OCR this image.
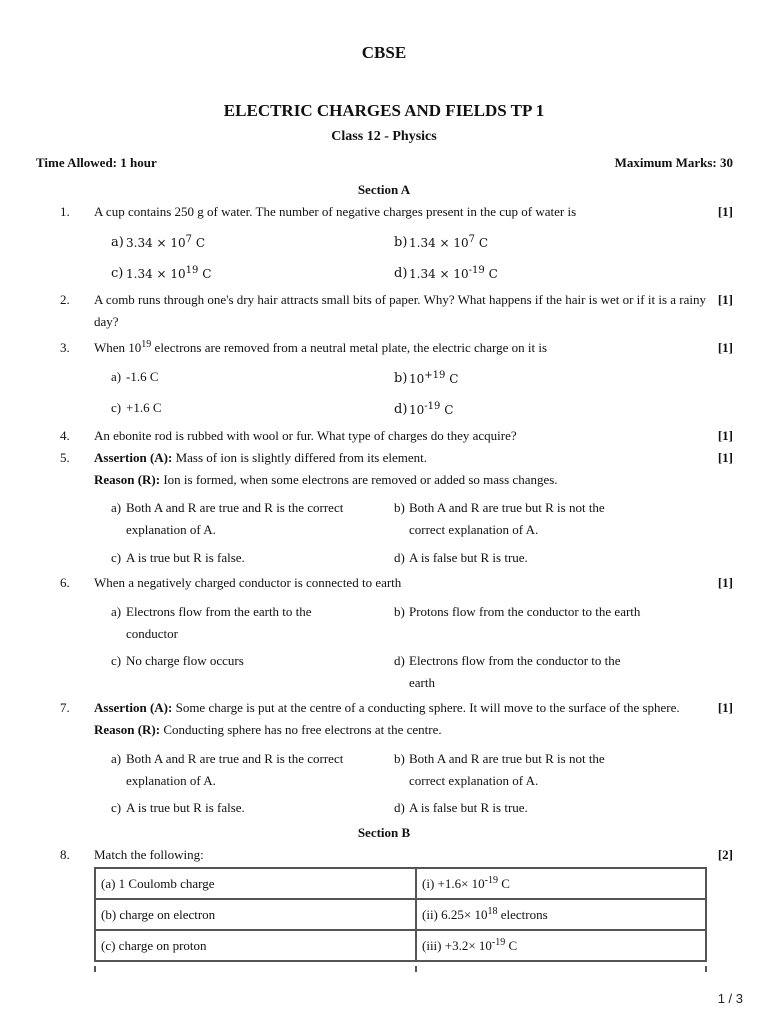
CBSE
ELECTRIC CHARGES AND FIELDS TP 1
Class 12 - Physics
Time Allowed: 1 hour	Maximum Marks: 30
Section A
1. A cup contains 250 g of water. The number of negative charges present in the cup of water is	[1]
a) $3.34 \times 10^7$ C	b) $1.34 \times 10^7$ C
c) $1.34 \times 10^{19}$ C	d) $1.34 \times 10^{-19}$ C
2. A comb runs through one's dry hair attracts small bits of paper. Why? What happens if the hair is wet or if it is a rainy day?
[1]
3. When $10^{19}$ electrons are removed from a neutral metal plate, the electric charge on it is	[1]
a) -1.6 C	b) $10^{+19}$ C
c) +1.6 C	d) $10^{-19}$ C
4. An ebonite rod is rubbed with wool or fur. What type of charges do they acquire?	[1]
5. Assertion (A): Mass of ion is slightly differed from its element.
Reason (R): Ion is formed, when some electrons are removed or added so mass changes.
[1]
a) Both A and R are true and R is the correct explanation of A.
b) Both A and R are true but R is not the correct explanation of A.
c) A is true but R is false.	d) A is false but R is true.
6. When a negatively charged conductor is connected to earth	[1]
a) Electrons flow from the earth to the conductor
b) Protons flow from the conductor to the earth
c) No charge flow occurs	d) Electrons flow from the conductor to the earth
7. Assertion (A): Some charge is put at the centre of a conducting sphere. It will move to the surface of the sphere.
Reason (R): Conducting sphere has no free electrons at the centre.
[1]
a) Both A and R are true and R is the correct explanation of A.
b) Both A and R are true but R is not the correct explanation of A.
c) A is true but R is false.	d) A is false but R is true.
Section B
8. Match the following:	[2]
(a) 1 Coulomb charge	$(i) +1.6\times 10^{-19}$ C
(b) charge on electron	(ii) $6.25\times 10^{18}$ electrons
(c) charge on proton	$(iii) +3.2\times 10^{-19}$ C
1 / 3
